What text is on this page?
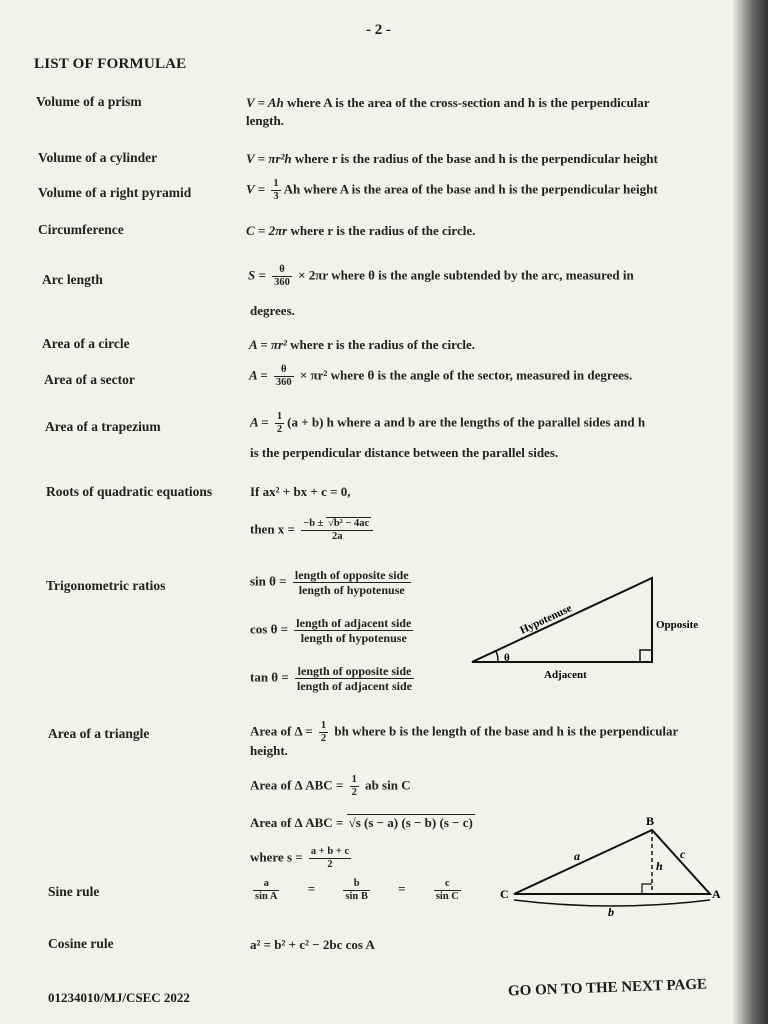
- 2 -
LIST OF FORMULAE
Volume of a prism	V = Ah where A is the area of the cross-section and h is the perpendicular
length.
Volume of a cylinder	V = πr²h where r is the radius of the base and h is the perpendicular height
Volume of a right pyramid	$V = \frac{1}{3}$ Ah where A is the area of the base and h is the perpendicular height
Circumference	C = 2πr where r is the radius of the circle.
Arc length	$S = \frac{\theta}{360} \times 2\pi r$ where θ is the angle subtended by the arc, measured in
degrees.
Area of a circle	A = πr² where r is the radius of the circle.
Area of a sector	$A = \frac{\theta}{360} \times \pi r^2$ where θ is the angle of the sector, measured in degrees.
Area of a trapezium	$A = \frac{1}{2} (a + b)$ h where a and b are the lengths of the parallel sides and h
is the perpendicular distance between the parallel sides.
Roots of quadratic equations	If ax² + bx + c = 0,
then $x = \frac{\text{−b ± √b² − 4ac}}{2a}$
Trigonometric ratios	$\sin \theta = \frac{\text{length of opposite side}}{\text{length of hypotenuse}}$
$\cos \theta = \frac{\text{length of adjacent side}}{\text{length of hypotenuse}}$
$\tan \theta = \frac{\text{length of opposite side}}{\text{length of adjacent side}}$
θ
Hypotenuse	Opposite
Adjacent
Area of a triangle	Area of $\Delta = \frac{1}{2}$ bh where b is the length of the base and h is the perpendicular
height.
Area of Δ ABC = $\frac{1}{2}$ ab sin C
Area of Δ ABC = √s (s − a) (s − b) (s − c)
where $s = \frac{a + b + c}{2}$
Sine rule	$\frac{a}{\text{sin A}}$ =	$\frac{b}{\text{sin B}}$ =	$\frac{c}{\text{sin C}}$	C
B
A
a	c
h
b
Cosine rule	a² = b² + c² − 2bc cos A
01234010/MJ/CSEC 2022	GO ON TO THE NEXT PAGE
